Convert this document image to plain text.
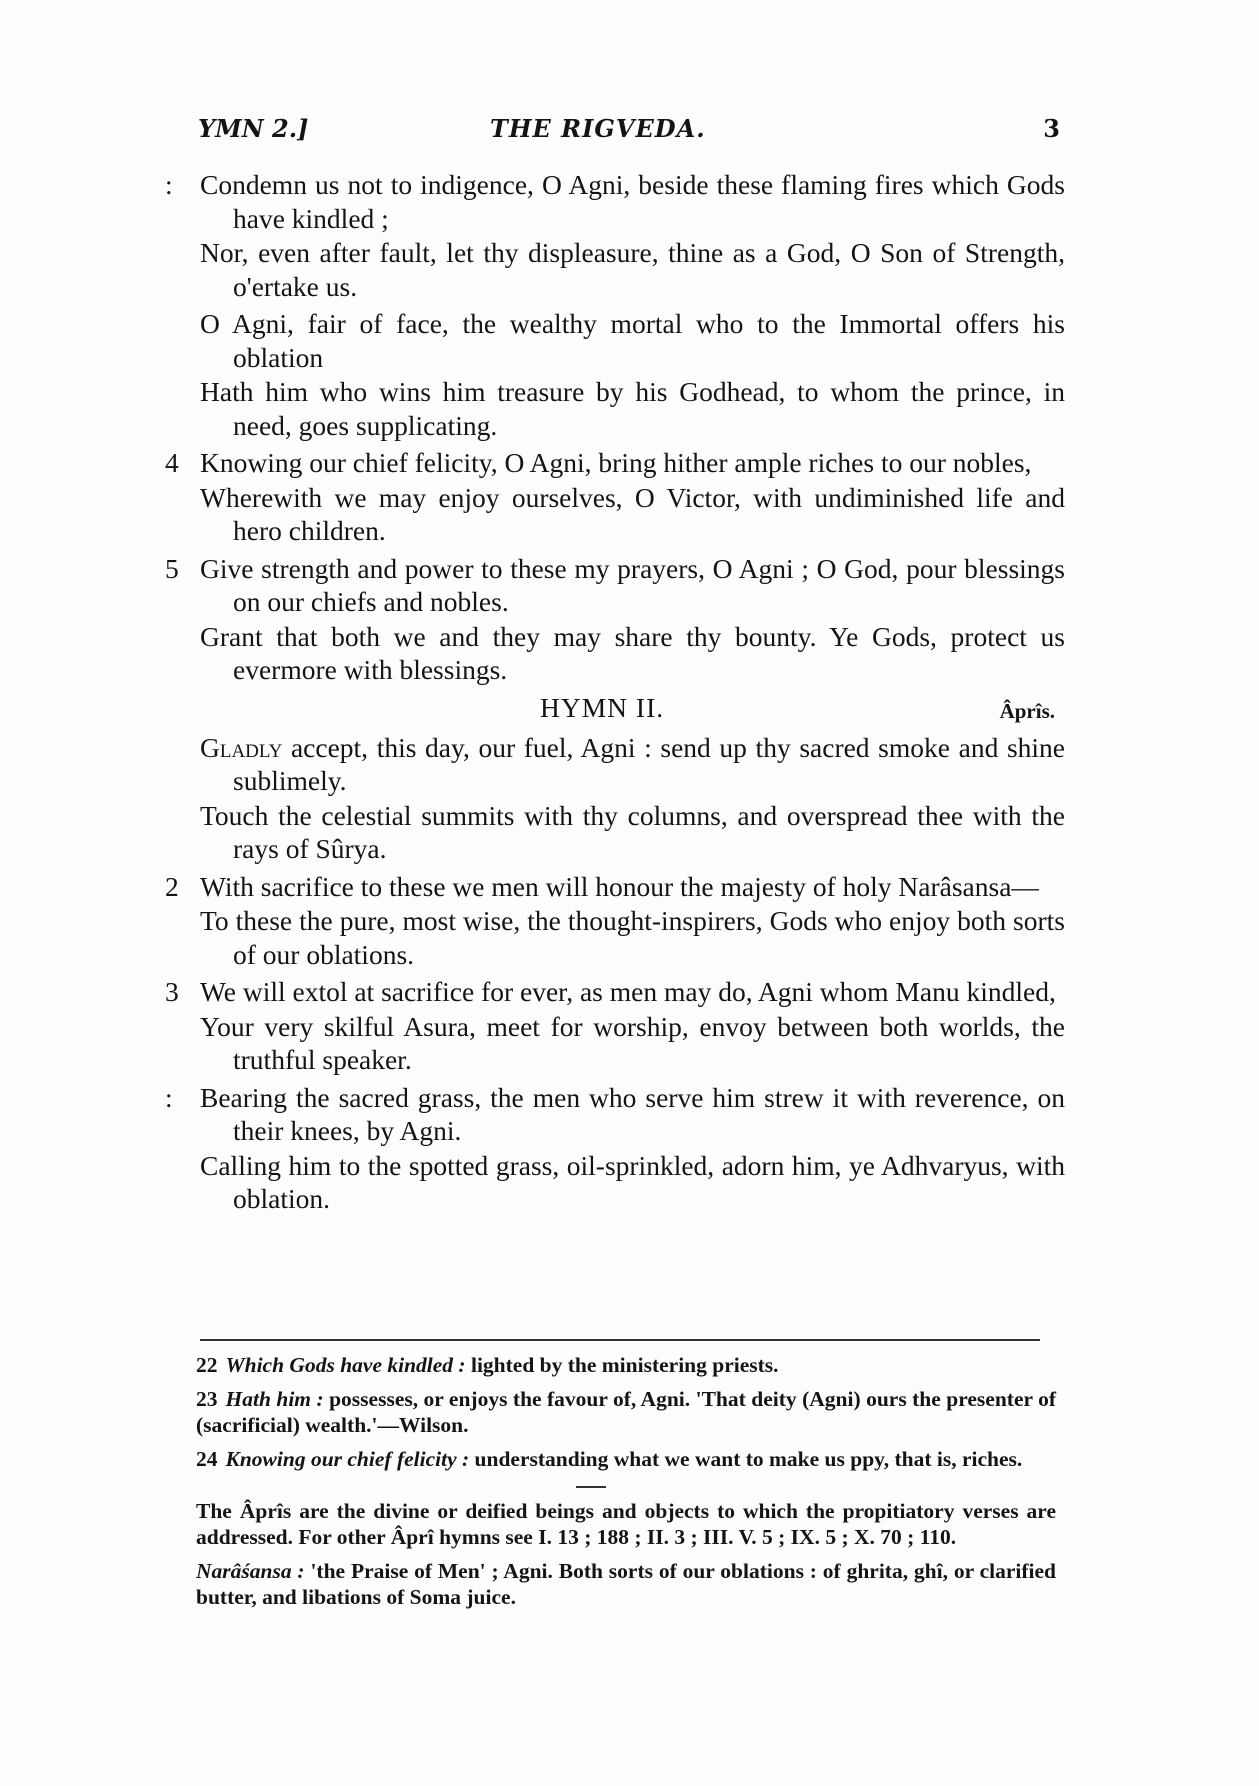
YMN 2.]	THE RIGVEDA.	3
: Condemn us not to indigence, O Agni, beside these flaming fires which Gods have kindled ;
Nor, even after fault, let thy displeasure, thine as a God, O Son of Strength, o'ertake us.
O Agni, fair of face, the wealthy mortal who to the Immortal offers his oblation
Hath him who wins him treasure by his Godhead, to whom the prince, in need, goes supplicating.
4 Knowing our chief felicity, O Agni, bring hither ample riches to our nobles,
Wherewith we may enjoy ourselves, O Victor, with undiminished life and hero children.
5 Give strength and power to these my prayers, O Agni ; O God, pour blessings on our chiefs and nobles.
Grant that both we and they may share thy bounty. Ye Gods, protect us evermore with blessings.
HYMN II.	Âprîs.
Gladly accept, this day, our fuel, Agni : send up thy sacred smoke and shine sublimely.
Touch the celestial summits with thy columns, and overspread thee with the rays of Sûrya.
2 With sacrifice to these we men will honour the majesty of holy Narâsansa—
To these the pure, most wise, the thought-inspirers, Gods who enjoy both sorts of our oblations.
3 We will extol at sacrifice for ever, as men may do, Agni whom Manu kindled,
Your very skilful Asura, meet for worship, envoy between both worlds, the truthful speaker.
: Bearing the sacred grass, the men who serve him strew it with reverence, on their knees, by Agni.
Calling him to the spotted grass, oil-sprinkled, adorn him, ye Adhvaryus, with oblation.
22 Which Gods have kindled : lighted by the ministering priests.
23 Hath him : possesses, or enjoys the favour of, Agni. 'That deity (Agni) ours the presenter of (sacrificial) wealth.'—Wilson.
24 Knowing our chief felicity : understanding what we want to make us ppy, that is, riches.
The Âprîs are the divine or deified beings and objects to which the propitiatory verses are addressed. For other Âprî hymns see I. 13 ; 188 ; II. 3 ; III. V. 5 ; IX. 5 ; X. 70 ; 110.
Narâśansa : 'the Praise of Men' ; Agni. Both sorts of our oblations : of ghrita, ghî, or clarified butter, and libations of Soma juice.
